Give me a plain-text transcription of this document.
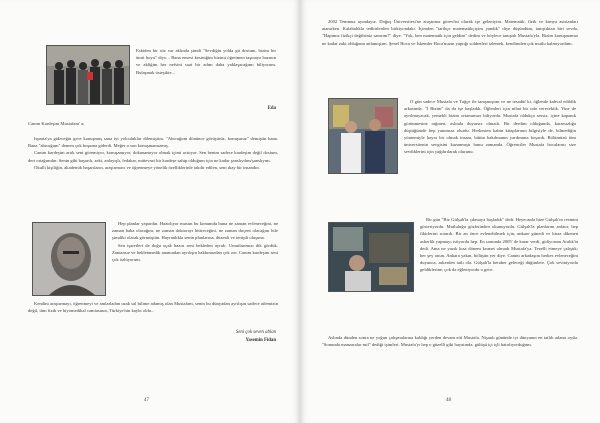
Eskiden bir söz var aklında şimdi "Sevdiğin yolda git dostum, bizim bir ümit boyu" diyo... Bana ensesi kesiniğim bizimi öğretmen taşınaya bazının ve akliğim her nefsini saat bir adım daha yaklaşacağımı biliyorum. Bulaşmak üsteşikte...

Eda

Canım Kardeşim Mustafam' a;

Isparta'ya gideceğin gece konuşmuş sana iyi yolculuklar dilemiştim. "Abicuğum dönünce görüşürüz, konuşuruz" demiştin bana. Bana "abicuğum" demen çok hoşuma giderdi. Meğer o son konuşmamızmış.

Canım kardeşim artık seni göremiyor, konuşamıyor, dokunamıyor olmak içimi acıtıyor. Sen benim sadece kardeşim değil dostum, dert ortağımdın. Senin gibi başarılı, zeki, anlayışlı, fedakar, mütevazi bir kardeşe sahip olduğum için ne kadar şanslıydım/şanslıyım.

Okulli kişiliğin, akademik başarıların, araştırmacı ve öğrenmeye yönelik özelliklerinle takdir edilen, seni ıhay bir insandın.

Hep planlar yapardın. Hazırlıyor musun bu konumda buna ne zaman evleneceğini, ne zaman baba olacağını, ne zaman doktorayı bitireceğini, ne zaman doçent olacağını bile şimdiki olarak görmüştün. Hayranlıkla senin planlarına, düzenli ve tertipli oluşuna.

Sen işaretleri de doğu uçak hazırı seni bekleden ayrıdı. Umutlarımızı dik gördük. Zamansız ve beklenmedik ananından ayrılışın hakkımızdan çok zor. Canım kardeşim seni çok özlüyorum.

Kendini araştırmayı, öğrenmeyi ve anılarladan uzak sal bilime adamış olan Mustafam, senin bu dünyadan ayrılışın sadece ailemizin değil, tüm fizik ve biyomedikal camiasının, Türkiye'nin kaybı oldu...

Seni çok seven ablan
Yasemin Fidan
47

2002 Temmuz ayındayız. Doğuş Üniversitesi'ne araştırma görevlisi olarak işe geleniyim. Matematik, fizik ve kimya asistanları atanırken. Kalabalıkla tedbirlerden birkiyondaki. İçimden "tarihçe matematikçiyim yandık" diye düşündüm, tanıştıktan biri sevda, "Hapımız fizikçi değilsiniz sanırım?" diye. "Yok, ben matematik için geldim" dedim ve böylece tanıştık Mustafa'yla. Bizim konuşmamız ne kadar zaki olduğunu anlamıştım. Şenel Hoca ve İskender Hoca'mızın yaptığı sohbetleri izlemek, kendimden çok mutlu kalmıyordum.

O gün sadece Mustafa ve Tuğçe ile tanışmıştım ve ne tesadüf ki, öğlende kahval edildik arkasında. "İ Bizim" da da işe başladık. Öğlenleri için nihai bir oda verecektik. Yine de ayrılmayacak, yemekli bizim ortamımızı biliyordu. Mustafa oldukça sessiz, içine kapanık görünmesine rağmen, aslında duyarsız olmadı. Bir derdim olduğunda, kararsızlığa düştüğümde hep yanımıza olurdu. Herkesten kabin kitaplarının bilgisiyle de, bilmediğin yöntemiyle hayra bir olmak insanı, bütün bakılmanın yardımına koşardı. Bölümüzü tüm üniversitenin sevgisini kazanmıştı bunu zamanda. Öğrenciler Mustafa hocalarını size sevdiklerini için yağdırılarak olurunu.

Bir gün "Biz Gülşah'la çıkmaya başladık" dedi. Heyecanla bize Gülşah'ın resmini gösteriyordu. Mutluluğu gözlerinden okunuyordu. Gülşah'la planlarını anlatır, hep fikirlerini sorardı. Bir an önce evlenebilmek için, ankare günedi ve biraz dikenen askerlik yapmayı istiyordu hep. En sonunda 2005' de karar verdi, gidiyorum Aralık'ta dedi. Ama ne yazık kısa dönem kısmet olmadı Mustafa'ya. Tezelli etmeye çalıştık; her şey onun. Ankara yakın, bölüşün yer diye. Canım arkadaşım herkes evleneceğini duyunca, askerden tatlı ola. Gülşah'la beraber geleceği düğünlere. Çok seviniyordu geldiklerine, çok da eğleniyordu o gece.

Aslında dünden sonra ne yoğun çalışmalarına kaldığı yerden devam etti Mustafa. Nişanlı gününde iyi dünyanın en tatlılı adamı oydu. "Sonunda manzaralar mıl" dediği işimleri. Mustafa'yı hep o güzelli gibi hayatında, gülüşü içi içli hatırlıyorduğum.

48
